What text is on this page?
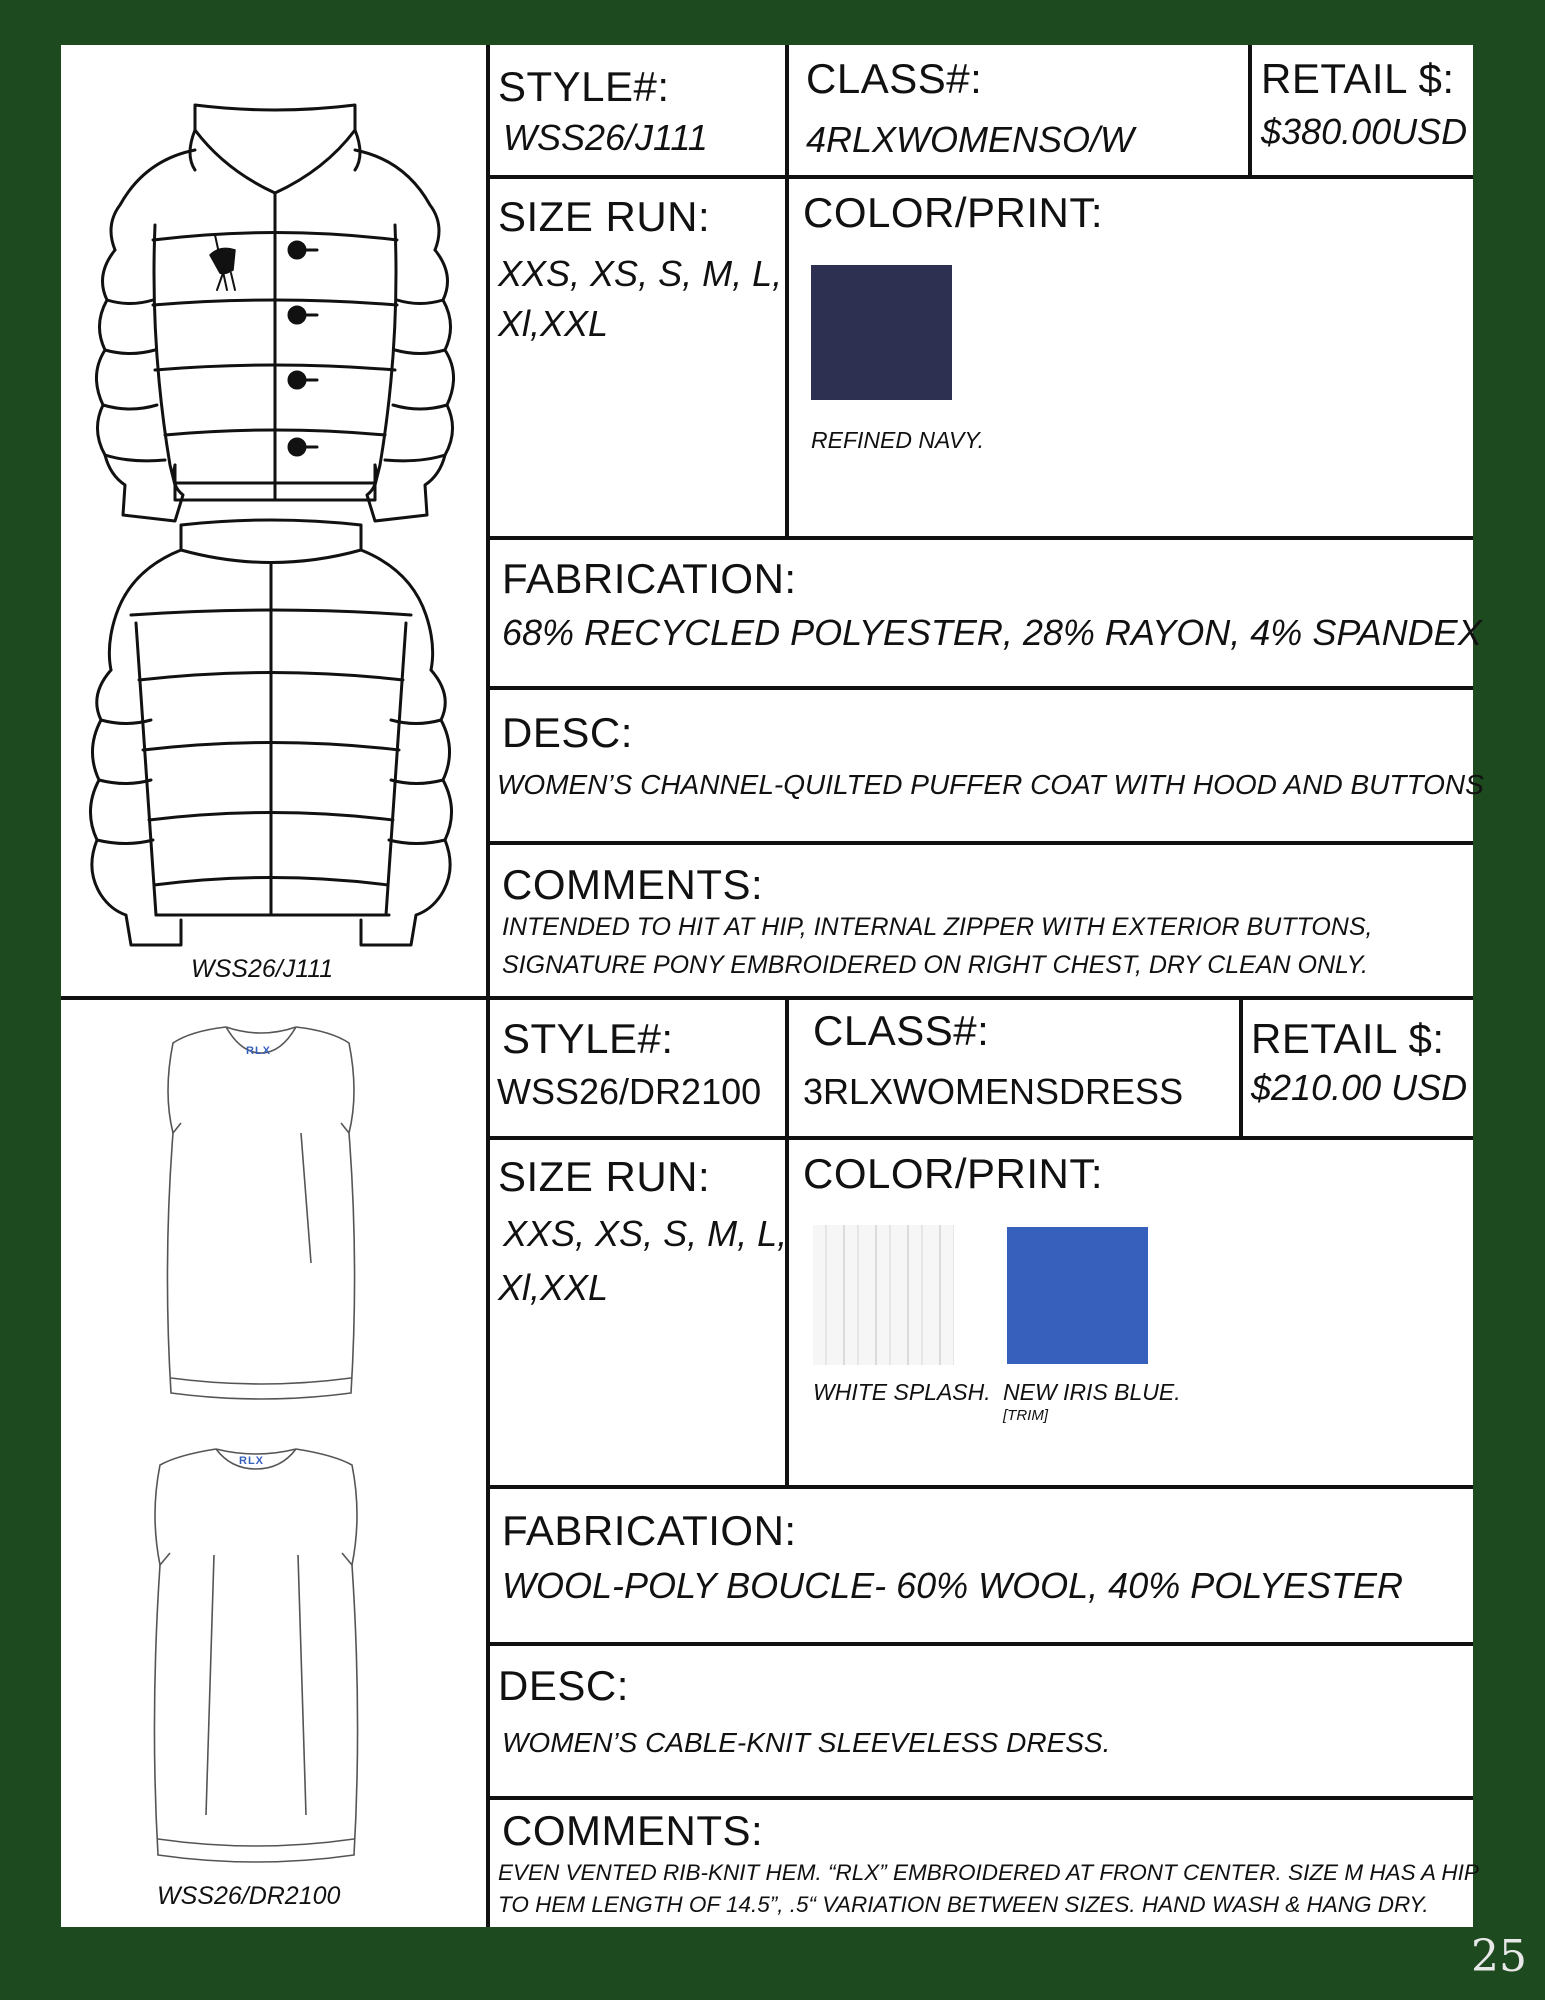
WSS26/J111
STYLE#:
WSS26/J111
CLASS#:
4RLXWOMENSO/W
RETAIL $:
$380.00USD
SIZE RUN:
XXS, XS, S, M, L,
Xl,XXL
COLOR/PRINT:
REFINED NAVY.
FABRICATION:
68% RECYCLED POLYESTER, 28% RAYON, 4% SPANDEX
DESC:
WOMEN’S CHANNEL-QUILTED PUFFER COAT WITH HOOD AND BUTTONS
COMMENTS:
INTENDED TO HIT AT HIP, INTERNAL ZIPPER WITH EXTERIOR BUTTONS,
SIGNATURE PONY EMBROIDERED ON RIGHT CHEST, DRY CLEAN ONLY.
RLX
RLX
WSS26/DR2100
STYLE#:
WSS26/DR2100
CLASS#:
3RLXWOMENSDRESS
RETAIL $:
$210.00 USD
SIZE RUN:
XXS, XS, S, M, L,
Xl,XXL
COLOR/PRINT:
WHITE SPLASH. NEW IRIS BLUE.
[TRIM]
FABRICATION:
WOOL-POLY BOUCLE- 60% WOOL, 40% POLYESTER
DESC:
WOMEN’S CABLE-KNIT SLEEVELESS DRESS.
COMMENTS:
EVEN VENTED RIB-KNIT HEM. “RLX” EMBROIDERED AT FRONT CENTER. SIZE M HAS A HIP
TO HEM LENGTH OF 14.5”, .5“ VARIATION BETWEEN SIZES. HAND WASH & HANG DRY.
25
